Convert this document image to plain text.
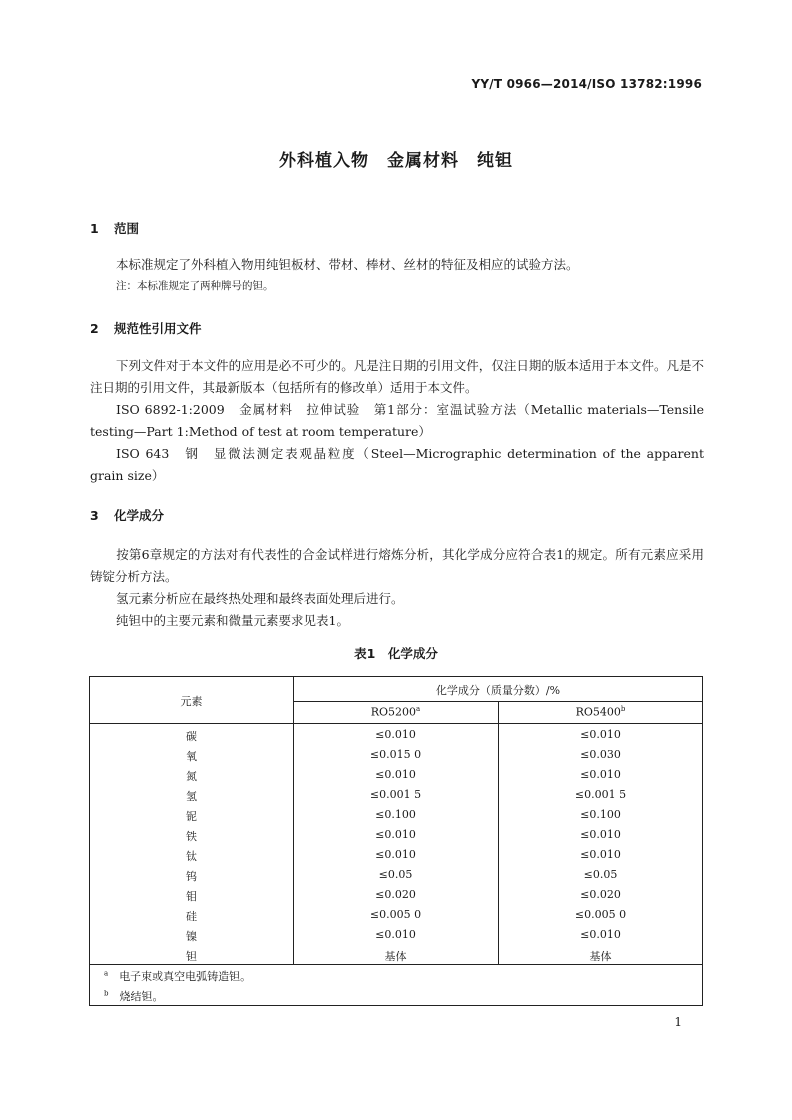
YY/T 0966—2014/ISO 13782:1996
外科植入物　金属材料　纯钽
1 范围
本标准规定了外科植入物用纯钽板材、带材、棒材、丝材的特征及相应的试验方法。
注：本标准规定了两种牌号的钽。
2 规范性引用文件
下列文件对于本文件的应用是必不可少的。凡是注日期的引用文件，仅注日期的版本适用于本文件。凡是不注日期的引用文件，其最新版本（包括所有的修改单）适用于本文件。
ISO 6892-1:2009　金属材料　拉伸试验　第1部分：室温试验方法（Metallic materials—Tensile testing—Part 1:Method of test at room temperature）
ISO 643　钢　显微法测定表观晶粒度（Steel—Micrographic determination of the apparent grain size）
3 化学成分
按第6章规定的方法对有代表性的合金试样进行熔炼分析，其化学成分应符合表1的规定。所有元素应采用铸锭分析方法。
氢元素分析应在最终热处理和最终表面处理后进行。
纯钽中的主要元素和微量元素要求见表1。
表1　化学成分
元素
化学成分（质量分数）/%
RO5200$^a$	RO5400$^b$
碳	≤0.010	≤0.010
氧	≤0.015 0	≤0.030
氮	≤0.010	≤0.010
氢	≤0.001 5	≤0.001 5
铌	≤0.100	≤0.100
铁	≤0.010	≤0.010
钛	≤0.010	≤0.010
钨	≤0.05	≤0.05
钼	≤0.020	≤0.020
硅	≤0.005 0	≤0.005 0
镍	≤0.010	≤0.010
钽	基体	基体
$^a$　 电子束或真空电弧铸造钽。
$^b$　 烧结钽。
1
